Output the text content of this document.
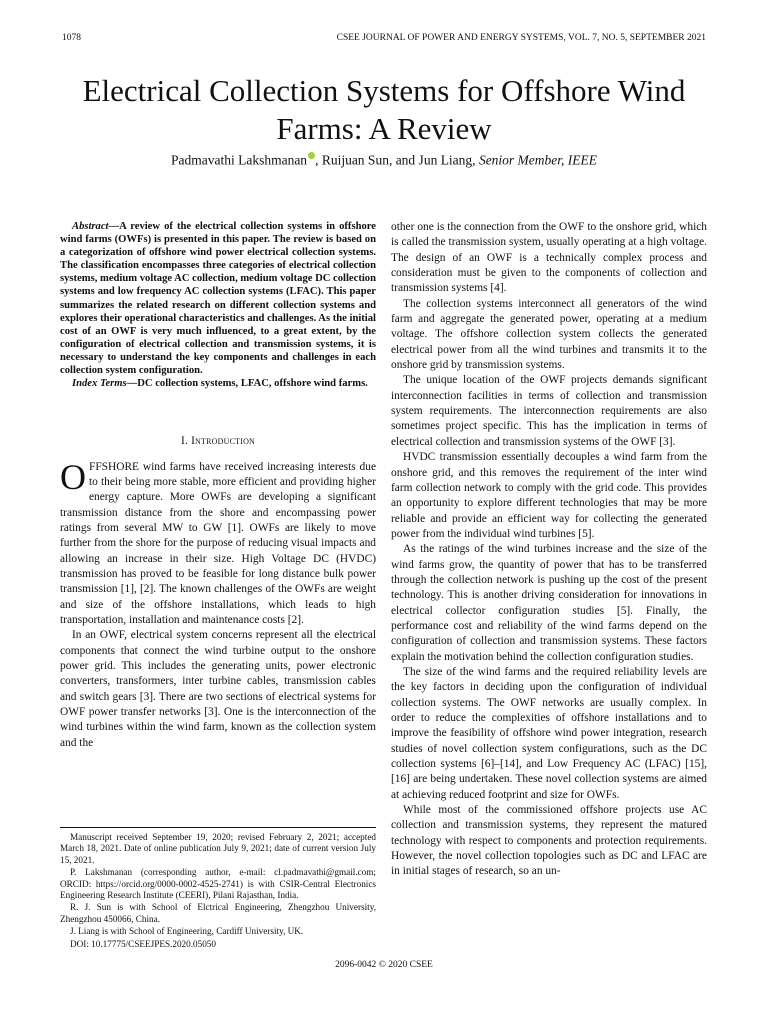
1078	CSEE JOURNAL OF POWER AND ENERGY SYSTEMS, VOL. 7, NO. 5, SEPTEMBER 2021
Electrical Collection Systems for Offshore Wind Farms: A Review
Padmavathi Lakshmanan , Ruijuan Sun, and Jun Liang, Senior Member, IEEE

Abstract—A review of the electrical collection systems in offshore wind farms (OWFs) is presented in this paper. The review is based on a categorization of offshore wind power electrical collection systems. The classification encompasses three categories of electrical collection systems, medium voltage AC collection, medium voltage DC collection systems and low frequency AC collection systems (LFAC). This paper summarizes the related research on different collection systems and explores their operational characteristics and challenges. As the initial cost of an OWF is very much influenced, to a great extent, by the configuration of electrical collection and transmission systems, it is necessary to understand the key components and challenges in each collection system configuration.

Index Terms—DC collection systems, LFAC, offshore wind farms.

I. Introduction

OFFSHORE wind farms have received increasing interests due to their being more stable, more efficient and providing higher energy capture. More OWFs are developing a significant transmission distance from the shore and encompassing power ratings from several MW to GW [1]. OWFs are likely to move further from the shore for the purpose of reducing visual impacts and allowing an increase in their size. High Voltage DC (HVDC) transmission has proved to be feasible for long distance bulk power transmission [1], [2]. The known challenges of the OWFs are weight and size of the offshore installations, which leads to high transportation, installation and maintenance costs [2].

In an OWF, electrical system concerns represent all the electrical components that connect the wind turbine output to the onshore power grid. This includes the generating units, power electronic converters, transformers, inter turbine cables, transmission cables and switch gears [3]. There are two sections of electrical systems for OWF power transfer networks [3]. One is the interconnection of the wind turbines within the wind farm, known as the collection system and the

Manuscript received September 19, 2020; revised February 2, 2021; accepted March 18, 2021. Date of online publication July 9, 2021; date of current version July 15, 2021.

P. Lakshmanan (corresponding author, e-mail: cl.padmavathi@gmail.com; ORCID: https://orcid.org/0000-0002-4525-2741) is with CSIR-Central Electronics Engineering Research Institute (CEERI), Pilani Rajasthan, India.

R. J. Sun is with School of Elctrical Engineering, Zhengzhou University, Zhengzhou 450066, China.

J. Liang is with School of Engineering, Cardiff University, UK.

DOI: 10.17775/CSEEJPES.2020.05050

other one is the connection from the OWF to the onshore grid, which is called the transmission system, usually operating at a high voltage. The design of an OWF is a technically complex process and consideration must be given to the components of collection and transmission systems [4].

The collection systems interconnect all generators of the wind farm and aggregate the generated power, operating at a medium voltage. The offshore collection system collects the generated electrical power from all the wind turbines and transmits it to the onshore grid by transmission systems.

The unique location of the OWF projects demands significant interconnection facilities in terms of collection and transmission system requirements. The interconnection requirements are also sometimes project specific. This has the implication in terms of electrical collection and transmission systems of the OWF [3].

HVDC transmission essentially decouples a wind farm from the onshore grid, and this removes the requirement of the inter wind farm collection network to comply with the grid code. This provides an opportunity to explore different technologies that may be more reliable and provide an efficient way for collecting the generated power from the individual wind turbines [5].

As the ratings of the wind turbines increase and the size of the wind farms grow, the quantity of power that has to be transferred through the collection network is pushing up the cost of the present technology. This is another driving consideration for innovations in electrical collector configuration studies [5]. Finally, the performance cost and reliability of the wind farms depend on the configuration of collection and transmission systems. These factors explain the motivation behind the collection configuration studies.

The size of the wind farms and the required reliability levels are the key factors in deciding upon the configuration of individual collection systems. The OWF networks are usually complex. In order to reduce the complexities of offshore installations and to improve the feasibility of offshore wind power integration, research studies of novel collection system configurations, such as the DC collection systems [6]–[14], and Low Frequency AC (LFAC) [15], [16] are being undertaken. These novel collection systems are aimed at achieving reduced footprint and size for OWFs.

While most of the commissioned offshore projects use AC collection and transmission systems, they represent the matured technology with respect to components and protection requirements. However, the novel collection topologies such as DC and LFAC are in initial stages of research, so an un-

2096-0042 © 2020 CSEE
